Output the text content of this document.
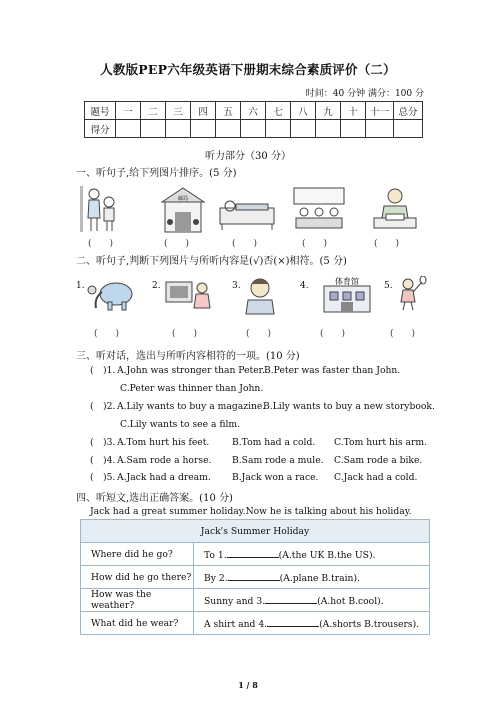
人教版PEP六年级英语下册期末综合素质评价（二）
时间：40 分钟 满分：100 分
题号	一	二	三	四	五	六	七	八	九	十	十一	总分
得分												
听力部分（30 分）
一、听句子,给下列图片排序。(5 分)
邮局
(　　)	(　　)	(　　)	(　　)	(　　)
二、听句子,判断下列图片与所听内容是(√)否(×)相符。(5 分)
1.	2.	3.	4.	体育馆	5.
(　　)	(　　)	(　　)	(　　)	(　　)
三、听对话，选出与所听内容相符的一项。(10 分)
( )1. A.John was stronger than Peter. B.Peter was faster than John.
C.Peter was thinner than John.
( )2. A.Lily wants to buy a magazine.
B.Lily wants to buy a new storybook.
C.Lily wants to see a film.
( )3. A.Tom hurt his feet. B.Tom had a cold. C.Tom hurt his arm.
( )4. A.Sam rode a horse. B.Sam rode a mule. C.Sam rode a bike.
( )5. A.Jack had a dream. B.Jack won a race. C.Jack had a cold.
四、听短文,选出正确答案。(10 分)
Jack had a great summer holiday.Now he is talking about his holiday.
Jack's Summer Holiday	
Where did he go?	To 1. (A.the UK B.the US).
How did he go there?	By 2. (A.plane B.train).
How was the weather?	Sunny and 3. (A.hot B.cool).
What did he wear?	A shirt and 4. (A.shorts B.trousers).
1 / 8
